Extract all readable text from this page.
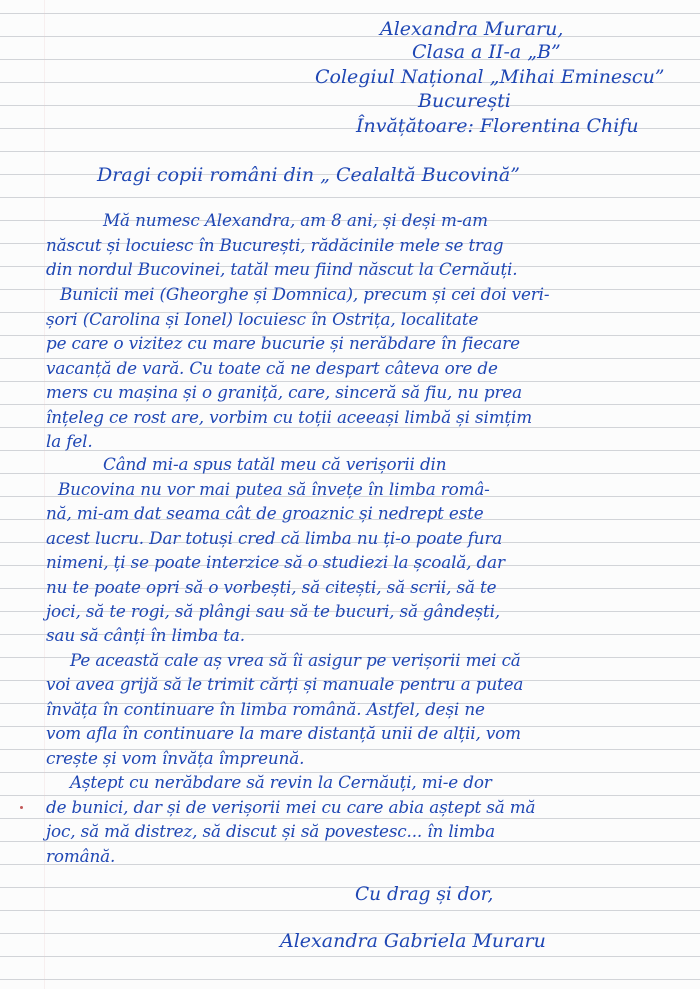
Alexandra Muraru,
Clasa a II-a „B”
Colegiul Național „Mihai Eminescu”
București
Învățătoare: Florentina Chifu
Dragi copii români din „ Cealaltă Bucovină”
Mă numesc Alexandra, am 8 ani, și deși m-am
născut și locuiesc în București, rădăcinile mele se trag
din nordul Bucovinei, tatăl meu fiind născut la Cernăuți.
Bunicii mei (Gheorghe și Domnica), precum și cei doi veri-
șori (Carolina și Ionel) locuiesc în Ostrița, localitate
pe care o vizitez cu mare bucurie și nerăbdare în fiecare
vacanță de vară. Cu toate că ne despart câteva ore de
mers cu mașina și o graniță, care, sinceră să fiu, nu prea
înțeleg ce rost are, vorbim cu toții aceeași limbă și simțim
la fel.
Când mi-a spus tatăl meu că verișorii din
Bucovina nu vor mai putea să învețe în limba româ-
nă, mi-am dat seama cât de groaznic și nedrept este
acest lucru. Dar totuși cred că limba nu ți-o poate fura
nimeni, ți se poate interzice să o studiezi la școală, dar
nu te poate opri să o vorbești, să citești, să scrii, să te
joci, să te rogi, să plângi sau să te bucuri, să gândești,
sau să cânți în limba ta.
Pe această cale aș vrea să îi asigur pe verișorii mei că
voi avea grijă să le trimit cărți și manuale pentru a putea
învăța în continuare în limba română. Astfel, deși ne
vom afla în continuare la mare distanță unii de alții, vom
crește și vom învăța împreună.
Aștept cu nerăbdare să revin la Cernăuți, mi-e dor
de bunici, dar și de verișorii mei cu care abia aștept să mă
joc, să mă distrez, să discut și să povestesc... în limba
română.
Cu drag și dor,
Alexandra Gabriela Muraru
